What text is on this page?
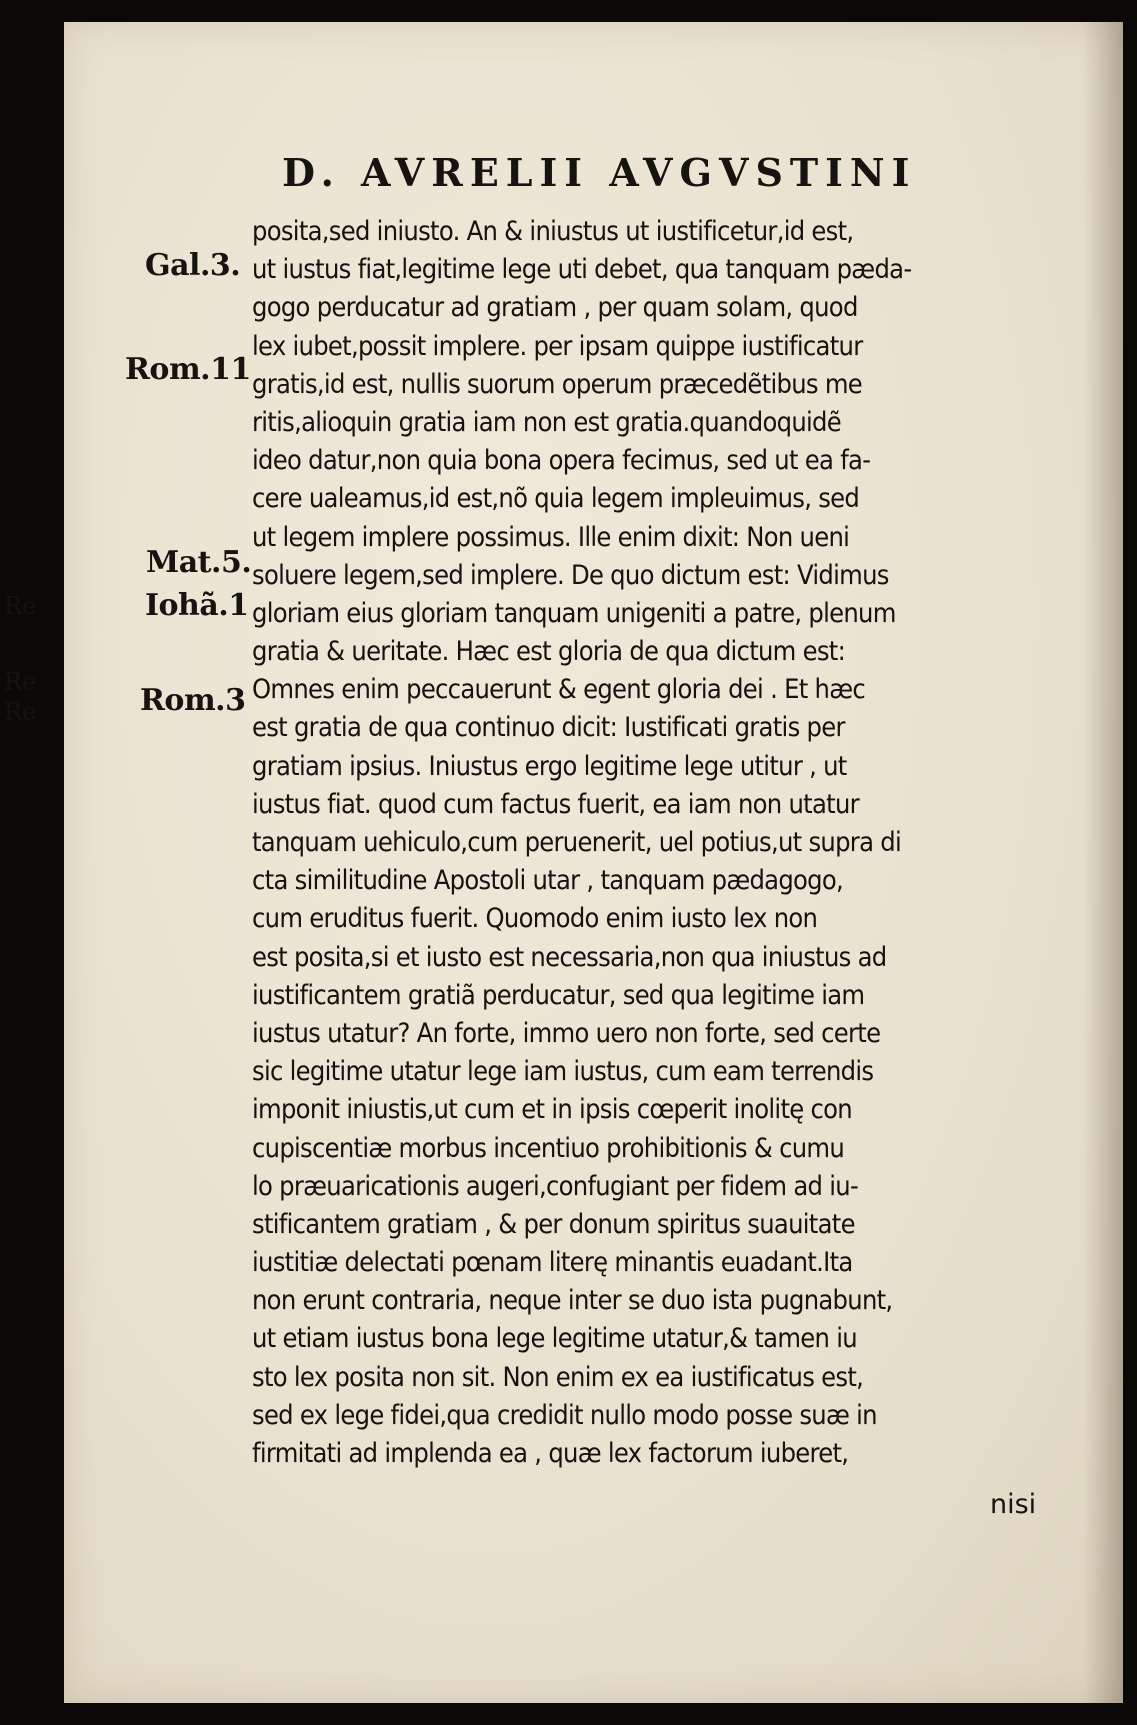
Re
Re
Re
D. AVRELII AVGVSTINI
Gal.3.
Rom.11
Mat.5.
Iohã.1
Rom.3
posita,sed iniusto. An & iniustus ut iustificetur,id est,
ut iustus fiat,legitime lege uti debet, qua tanquam pæda-
gogo perducatur ad gratiam , per quam solam, quod
lex iubet,possit implere. per ipsam quippe iustificatur
gratis,id est, nullis suorum operum præcedẽtibus me
ritis,alioquin gratia iam non est gratia.quandoquidẽ
ideo datur,non quia bona opera fecimus, sed ut ea fa-
cere ualeamus,id est,nõ quia legem impleuimus, sed
ut legem implere possimus. Ille enim dixit: Non ueni
soluere legem,sed implere. De quo dictum est: Vidimus
gloriam eius gloriam tanquam unigeniti a patre, plenum
gratia & ueritate. Hæc est gloria de qua dictum est:
Omnes enim peccauerunt & egent gloria dei . Et hæc
est gratia de qua continuo dicit: Iustificati gratis per
gratiam ipsius. Iniustus ergo legitime lege utitur , ut
iustus fiat. quod cum factus fuerit, ea iam non utatur
tanquam uehiculo,cum peruenerit, uel potius,ut supra di
cta similitudine Apostoli utar , tanquam pædagogo,
cum eruditus fuerit. Quomodo enim iusto lex non
est posita,si et iusto est necessaria,non qua iniustus ad
iustificantem gratiã perducatur, sed qua legitime iam
iustus utatur? An forte, immo uero non forte, sed certe
sic legitime utatur lege iam iustus, cum eam terrendis
imponit iniustis,ut cum et in ipsis cœperit inolitę con
cupiscentiæ morbus incentiuo prohibitionis & cumu
lo præuaricationis augeri,confugiant per fidem ad iu-
stificantem gratiam , & per donum spiritus suauitate
iustitiæ delectati pœnam literę minantis euadant.Ita
non erunt contraria, neque inter se duo ista pugnabunt,
ut etiam iustus bona lege legitime utatur,& tamen iu
sto lex posita non sit. Non enim ex ea iustificatus est,
sed ex lege fidei,qua credidit nullo modo posse suæ in
firmitati ad implenda ea , quæ lex factorum iuberet,
nisi
